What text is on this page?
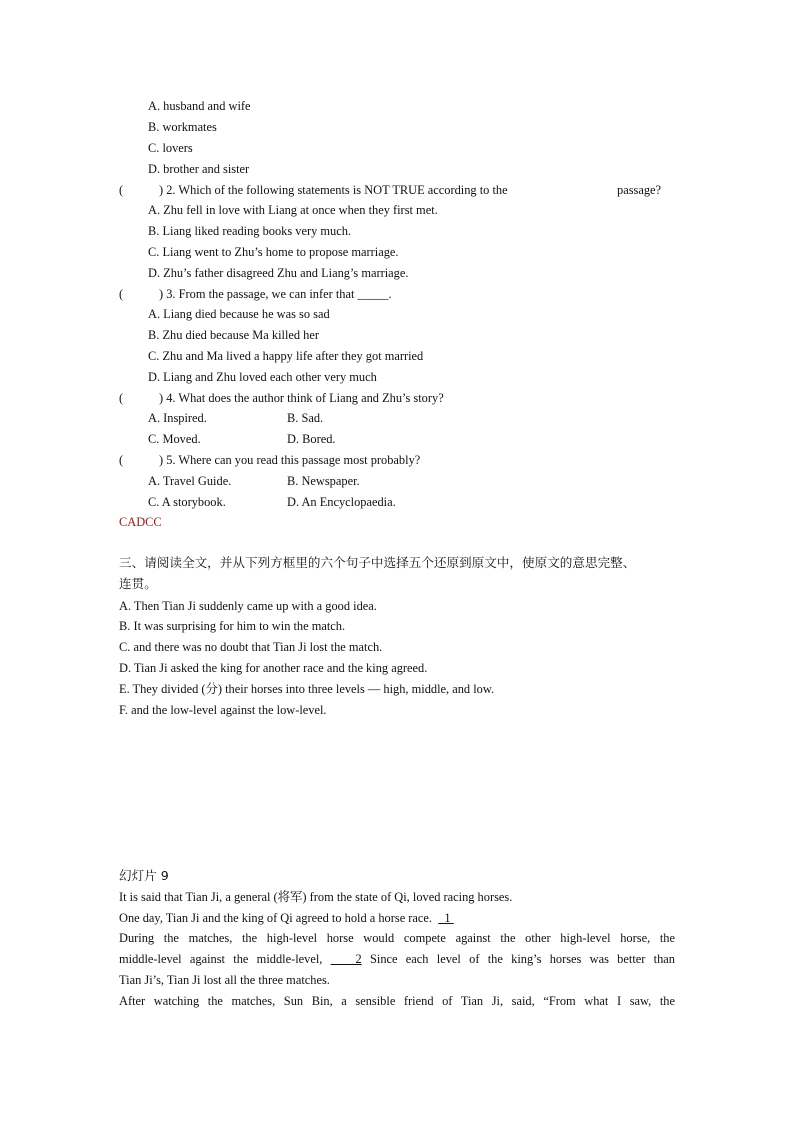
A. husband and wife
B. workmates
C. lovers
D. brother and sister
(	) 2. Which of the following statements is NOT TRUE according to the	passage?
A. Zhu fell in love with Liang at once when they first met.
B. Liang liked reading books very much.
C. Liang went to Zhu’s home to propose marriage.
D. Zhu’s father disagreed Zhu and Liang’s marriage.
(	) 3. From the passage, we can infer that _____.
A. Liang died because he was so sad
B. Zhu died because Ma killed her
C. Zhu and Ma lived a happy life after they got married
D. Liang and Zhu loved each other very much
(	) 4. What does the author think of Liang and Zhu’s story?
A. Inspired.	B. Sad.
C. Moved.	D. Bored.
(	) 5. Where can you read this passage most probably?
A. Travel Guide.	B. Newspaper.
C. A storybook.	D. An Encyclopaedia.
CADCC
三、请阅读全文，并从下列方框里的六个句子中选择五个还原到原文中，使原文的意思完整、
连贯。
A. Then Tian Ji suddenly came up with a good idea.
B. It was surprising for him to win the match.
C. and there was no doubt that Tian Ji lost the match.
D. Tian Ji asked the king for another race and the king agreed.
E. They divided (分) their horses into three levels — high, middle, and low.
F. and the low-level against the low-level.
幻灯片 9
It is said that Tian Ji, a general (将军) from the state of Qi, loved racing horses.
One day, Tian Ji and the king of Qi agreed to hold a horse race. 1
During the matches, the high-level horse would compete against the other high-level horse, the
middle-level against the middle-level,	2 Since each level of the king’s horses was better than
Tian Ji’s, Tian Ji lost all the three matches.
After watching the matches, Sun Bin, a sensible friend of Tian Ji, said, “From what I saw, the
